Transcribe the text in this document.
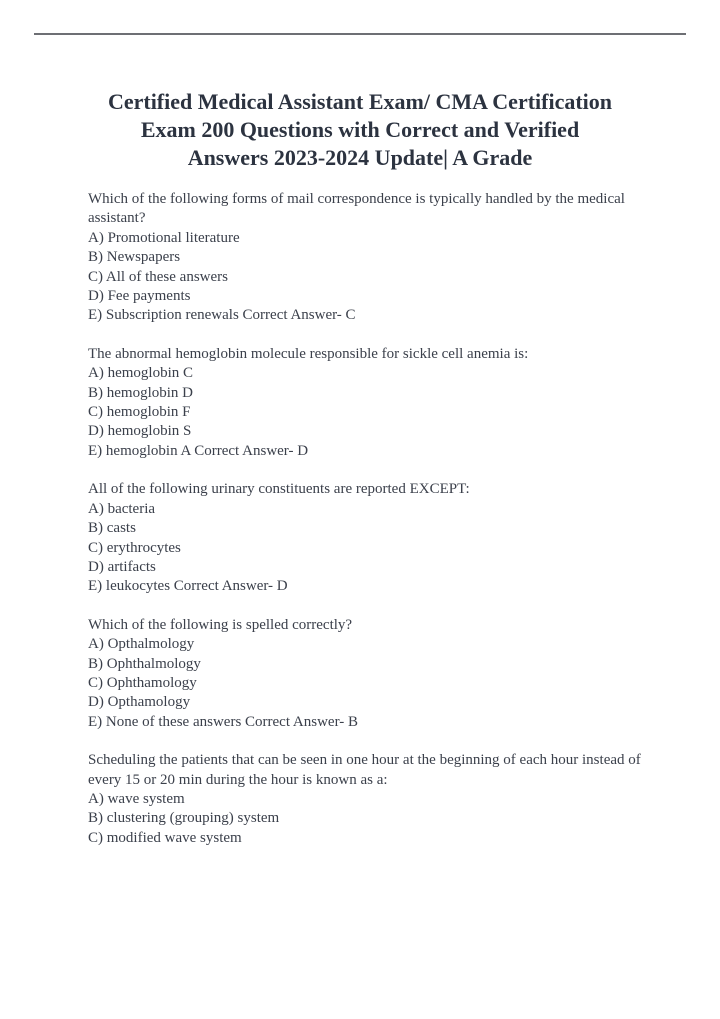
Certified Medical Assistant Exam/ CMA Certification
Exam 200 Questions with Correct and Verified
Answers 2023-2024 Update| A Grade
Which of the following forms of mail correspondence is typically handled by the medical assistant?
A) Promotional literature
B) Newspapers
C) All of these answers
D) Fee payments
E) Subscription renewals Correct Answer- C
The abnormal hemoglobin molecule responsible for sickle cell anemia is:
A) hemoglobin C
B) hemoglobin D
C) hemoglobin F
D) hemoglobin S
E) hemoglobin A Correct Answer- D
All of the following urinary constituents are reported EXCEPT:
A) bacteria
B) casts
C) erythrocytes
D) artifacts
E) leukocytes Correct Answer- D
Which of the following is spelled correctly?
A) Opthalmology
B) Ophthalmology
C) Ophthamology
D) Opthamology
E) None of these answers Correct Answer- B
Scheduling the patients that can be seen in one hour at the beginning of each hour instead of every 15 or 20 min during the hour is known as a:
A) wave system
B) clustering (grouping) system
C) modified wave system
